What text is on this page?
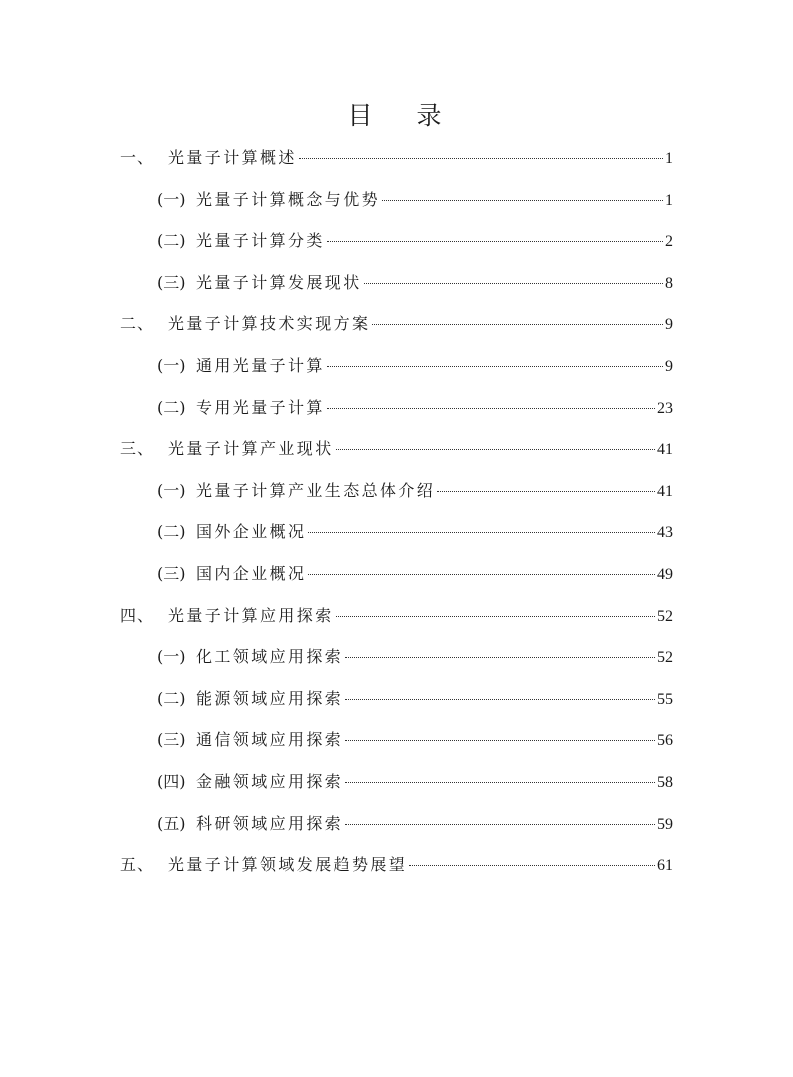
目 录
一、 光量子计算概述	1
(一) 光量子计算概念与优势	1
(二) 光量子计算分类	2
(三) 光量子计算发展现状	8
二、 光量子计算技术实现方案	9
(一) 通用光量子计算	9
(二) 专用光量子计算	23
三、 光量子计算产业现状	41
(一) 光量子计算产业生态总体介绍	41
(二) 国外企业概况	43
(三) 国内企业概况	49
四、 光量子计算应用探索	52
(一) 化工领域应用探索	52
(二) 能源领域应用探索	55
(三) 通信领域应用探索	56
(四) 金融领域应用探索	58
(五) 科研领域应用探索	59
五、 光量子计算领域发展趋势展望	61
